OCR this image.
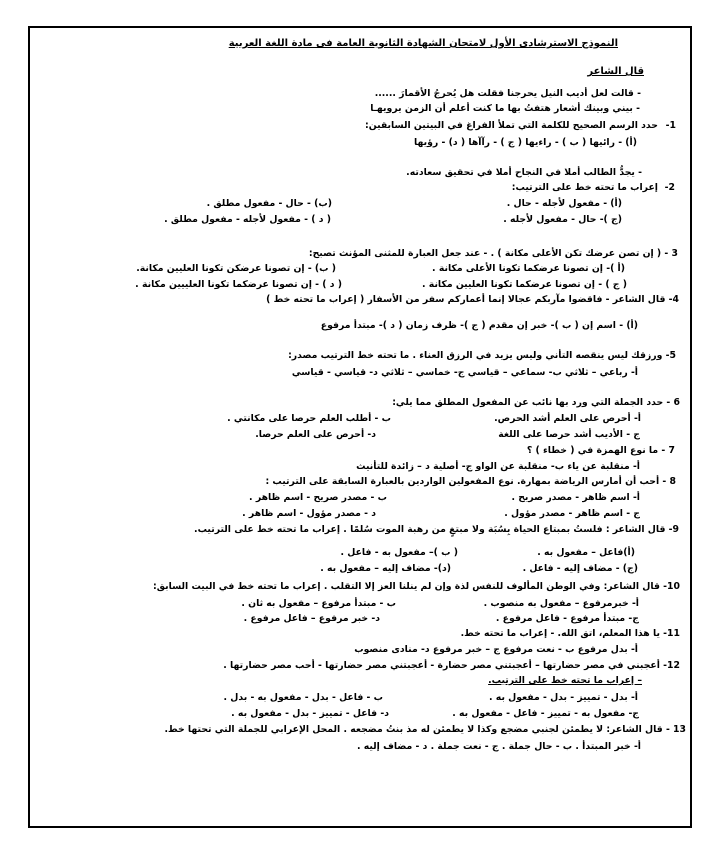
النموذج الاسترشادى الأول لامتحان الشهادة الثانوية العامة فى مادة اللغة العربية
قال الشاعر
- قالت لعل أديب النيل يحرجنا فقلت هل يُحرجُ الأقمارَ ......
- بيني وبينك أشعار هتفتُ بها ما كنت أعلم أن الزمن يرويهـا
1-
حدد الرسم الصحيح للكلمة التي تملأ الفراغ في البيتين السابقين:
(أ) - رائيها ( ب ) - راءيها ( ج ) - رآآها ( د) - رؤيها
- يجدُّ الطالب أملا في النجاح أملا في تحقيق سعادته.
2-
إعراب ما تحته خط على الترتيب:
(أ) - مفعول لأجله - حال .
(ب) - حال - مفعول مطلق .
(ج )- حال - مفعول لأجله .
( د ) - مفعول لأجله - مفعول مطلق .
3 - ( إن تصن عرضك تكن الأعلى مكانة ) . - عند جعل العبارة للمثنى المؤنث تصبح:
(أ )- إن تصونا عرضكما تكونا الأعلى مكانة .
( ب) - إن تصونا عرضكن تكونا العليين مكانة.
( ج ) - إن تصونا عرضكما تكونا العليين مكانة .
( د ) - إن تصونا عرضكما تكونا العلييين مكانة .
4- قال الشاعر - فاقضوا مآربكم عجالا إنما أعماركم سفر من الأسفار ( إعراب ما تحته خط )
(أ) - اسم إن ( ب )- خبر إن مقدم ( ج )- ظرف زمان ( د )- مبتدأ مرفوع
5- ورزقك ليس ينقصه التأني وليس يزيد في الرزق العناء . ما تحته خط الترتيب مصدر:
أ- رباعي – ثلاثي ب- سماعي – قياسي ج- خماسي – ثلاثي د- قياسي - قياسي
6 - حدد الجملة التي ورد بها نائب عن المفعول المطلق مما يلي:
أ- أحرص على العلم أشد الحرص.
ب - أطلب العلم حرصا على مكانتي .
ج - الأديب أشد حرصا على اللغة
د- أحرص على العلم حرصا.
7 - ما نوع الهمزة في ( خطاء ) ؟
أ- منقلبة عن ياء ب- منقلبة عن الواو ج- أصلية د – زائدة للتأنيث
8 - أحب أن أمارس الرياضة بمهارة. نوع المفعولين الواردين بالعبارة السابقة على الترتيب :
أ- اسم ظاهر - مصدر صريح .
ب - مصدر صريح - اسم ظاهر .
ج - اسم ظاهر - مصدر مؤول .
د - مصدر مؤول - اسم ظاهر .
9- قال الشاعر : فلستُ بمبتاع الحياة بِسُبَة ولا مبتغٍ من رهبة الموت سُلمًا . إعراب ما تحته خط على الترتيب.
(أ)فاعل – مفعول به .
( ب )– مفعول به - فاعل .
(ج) - مضاف إليه - فاعل .
(د)- مضاف إليه – مفعول به .
10- قال الشاعر: وفي الوطن المألوف للنفس لذة وإن لم ينلنا العز إلا التقلب . إعراب ما تحته خط في البيت السابق:
أ- خبرمرفوع – مفعول به منصوب .
ب - مبتدأ مرفوع – مفعول به ثان .
ج- مبتدأ مرفوع - فاعل مرفوع .
د- خبر مرفوع – فاعل مرفوع .
11- يا هذا المعلم، اتق الله. - إعراب ما تحته خط.
أ- بدل مرفوع ب - نعت مرفوع ج – خبر مرفوع د- منادى منصوب
12- أعجبني في مصر حضارتها – أعجبتني مصر حضارة - أعجبتني مصر حضارتها - أحب مصر حضارتها .
– إعراب ما تحته خط على الترتيب.
أ- بدل - تمييز - بدل - مفعول به .
ب - فاعل - بدل - مفعول به - بدل .
ج- مفعول به - تمييز - فاعل - مفعول به .
د- فاعل - تمييز - بدل - مفعول به .
13 - قال الشاعر: لا يطمئن لجنبي مضجع وكذا لا يطمئن له مذ بنتُ مضجعه . المحل الإعرابي للجملة التي تحتها خط.
أ- خبر المبتدأ . ب - حال جملة . ج - نعت جملة . د - مضاف إليه .
